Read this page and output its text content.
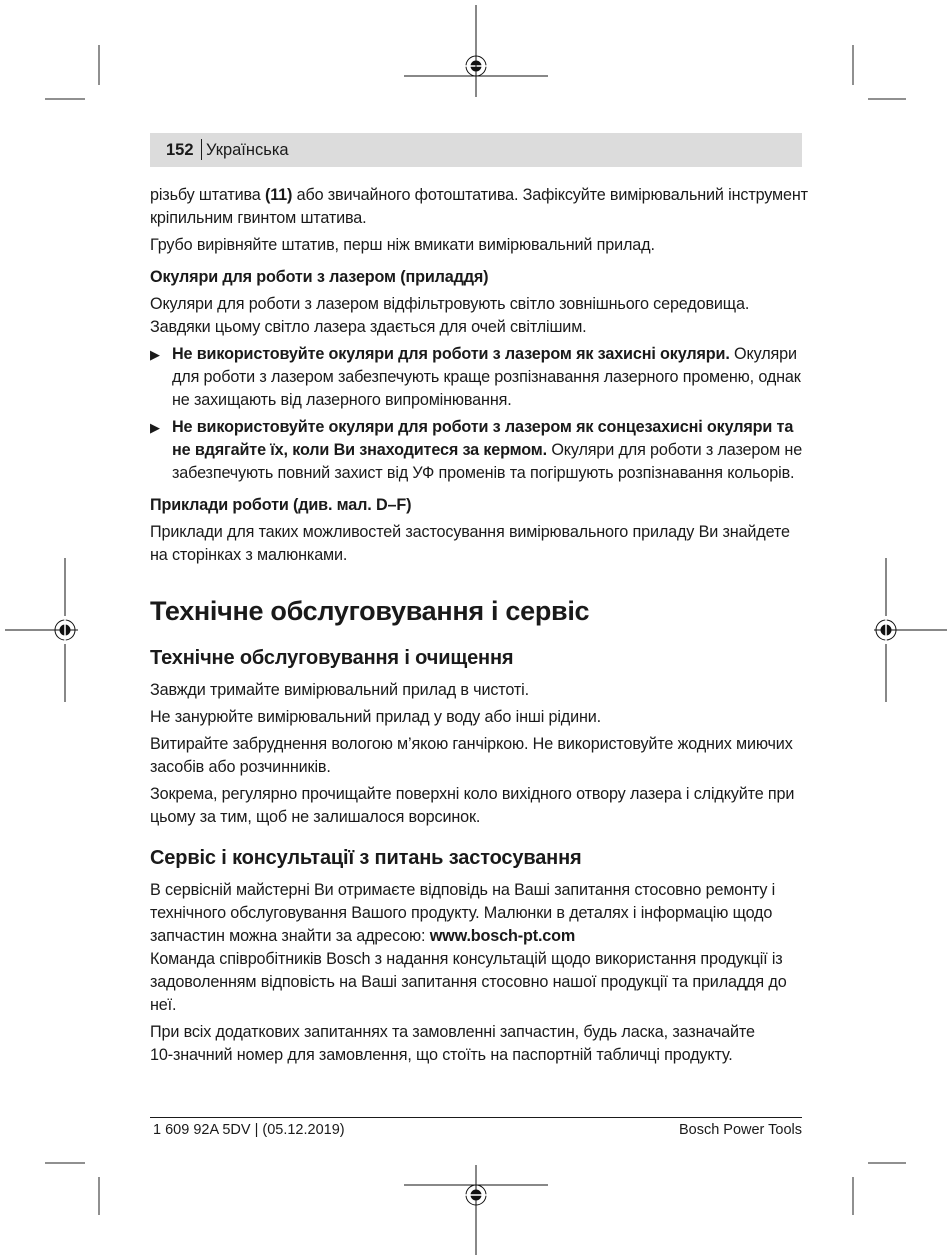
152 Українська

різьбу штатива (11) або звичайного фотоштатива. Зафіксуйте вимірювальний інструмент кріпильним гвинтом штатива.

Грубо вирівняйте штатив, перш ніж вмикати вимірювальний прилад.

Окуляри для роботи з лазером (приладдя)

Окуляри для роботи з лазером відфільтровують світло зовнішнього середовища. Завдяки цьому світло лазера здається для очей світлішим.

▶ Не використовуйте окуляри для роботи з лазером як захисні окуляри. Окуляри для роботи з лазером забезпечують краще розпізнавання лазерного променю, однак не захищають від лазерного випромінювання.
▶ Не використовуйте окуляри для роботи з лазером як сонцезахисні окуляри та не вдягайте їх, коли Ви знаходитеся за кермом. Окуляри для роботи з лазером не забезпечують повний захист від УФ променів та погіршують розпізнавання кольорів.
Приклади роботи (див. мал. D–F)

Приклади для таких можливостей застосування вимірювального приладу Ви знайдете на сторінках з малюнками.

Технічне обслуговування і сервіс
Технічне обслуговування і очищення

Завжди тримайте вимірювальний прилад в чистоті.

Не занурюйте вимірювальний прилад у воду або інші рідини.

Витирайте забруднення вологою м’якою ганчіркою. Не використовуйте жодних миючих засобів або розчинників.

Зокрема, регулярно прочищайте поверхні коло вихідного отвору лазера і слідкуйте при цьому за тим, щоб не залишалося ворсинок.

Сервіс і консультації з питань застосування

В сервісній майстерні Ви отримаєте відповідь на Ваші запитання стосовно ремонту і технічного обслуговування Вашого продукту. Малюнки в деталях і інформацію щодо запчастин можна знайти за адресою: www.bosch-pt.com

Команда співробітників Bosch з надання консультацій щодо використання продукції із задоволенням відповість на Ваші запитання стосовно нашої продукції та приладдя до неї.

При всіх додаткових запитаннях та замовленні запчастин, будь ласка, зазначайте 10‑значний номер для замовлення, що стоїть на паспортній табличці продукту.

1 609 92A 5DV | (05.12.2019)	Bosch Power Tools
